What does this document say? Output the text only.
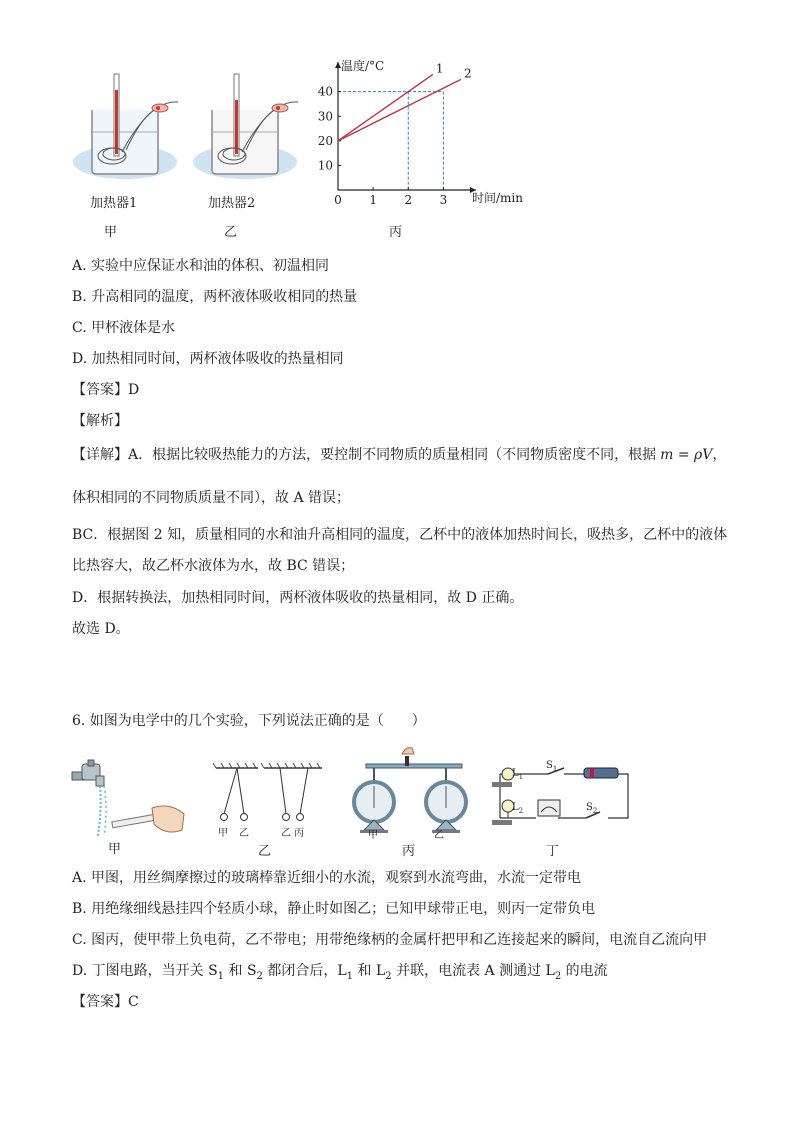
加热器1
甲
加热器2
乙
0 1 2 3
10
20
30
40
温度/°C
时间/min
1 2
丙
A. 实验中应保证水和油的体积、初温相同
B. 升高相同的温度，两杯液体吸收相同的热量
C. 甲杯液体是水
D. 加热相同时间，两杯液体吸收的热量相同
【答案】D
【解析】
【详解】A．根据比较吸热能力的方法，要控制不同物质的质量相同（不同物质密度不同，根据 m = ρV，
体积相同的不同物质质量不同），故 A 错误；
BC．根据图 2 知，质量相同的水和油升高相同的温度，乙杯中的液体加热时间长，吸热多，乙杯中的液体
比热容大，故乙杯水液体为水，故 BC 错误；
D．根据转换法，加热相同时间，两杯液体吸收的热量相同，故 D 正确。
故选 D。
6. 如图为电学中的几个实验，下列说法正确的是（　　）
甲
甲 乙	乙 丙
乙
甲	乙
丙
$L_1$
$S_1$
$L_2$	$S_2$
丁
A. 甲图，用丝绸摩擦过的玻璃棒靠近细小的水流，观察到水流弯曲，水流一定带电
B. 用绝缘细线悬挂四个轻质小球，静止时如图乙；已知甲球带正电，则丙一定带负电
C. 图丙，使甲带上负电荷，乙不带电；用带绝缘柄的金属杆把甲和乙连接起来的瞬间，电流自乙流向甲
D. 丁图电路，当开关 $S_1$ 和 $S_2$ 都闭合后，$L_1$ 和 $L_2$ 并联，电流表 A 测通过 $L_2$ 的电流
【答案】C
